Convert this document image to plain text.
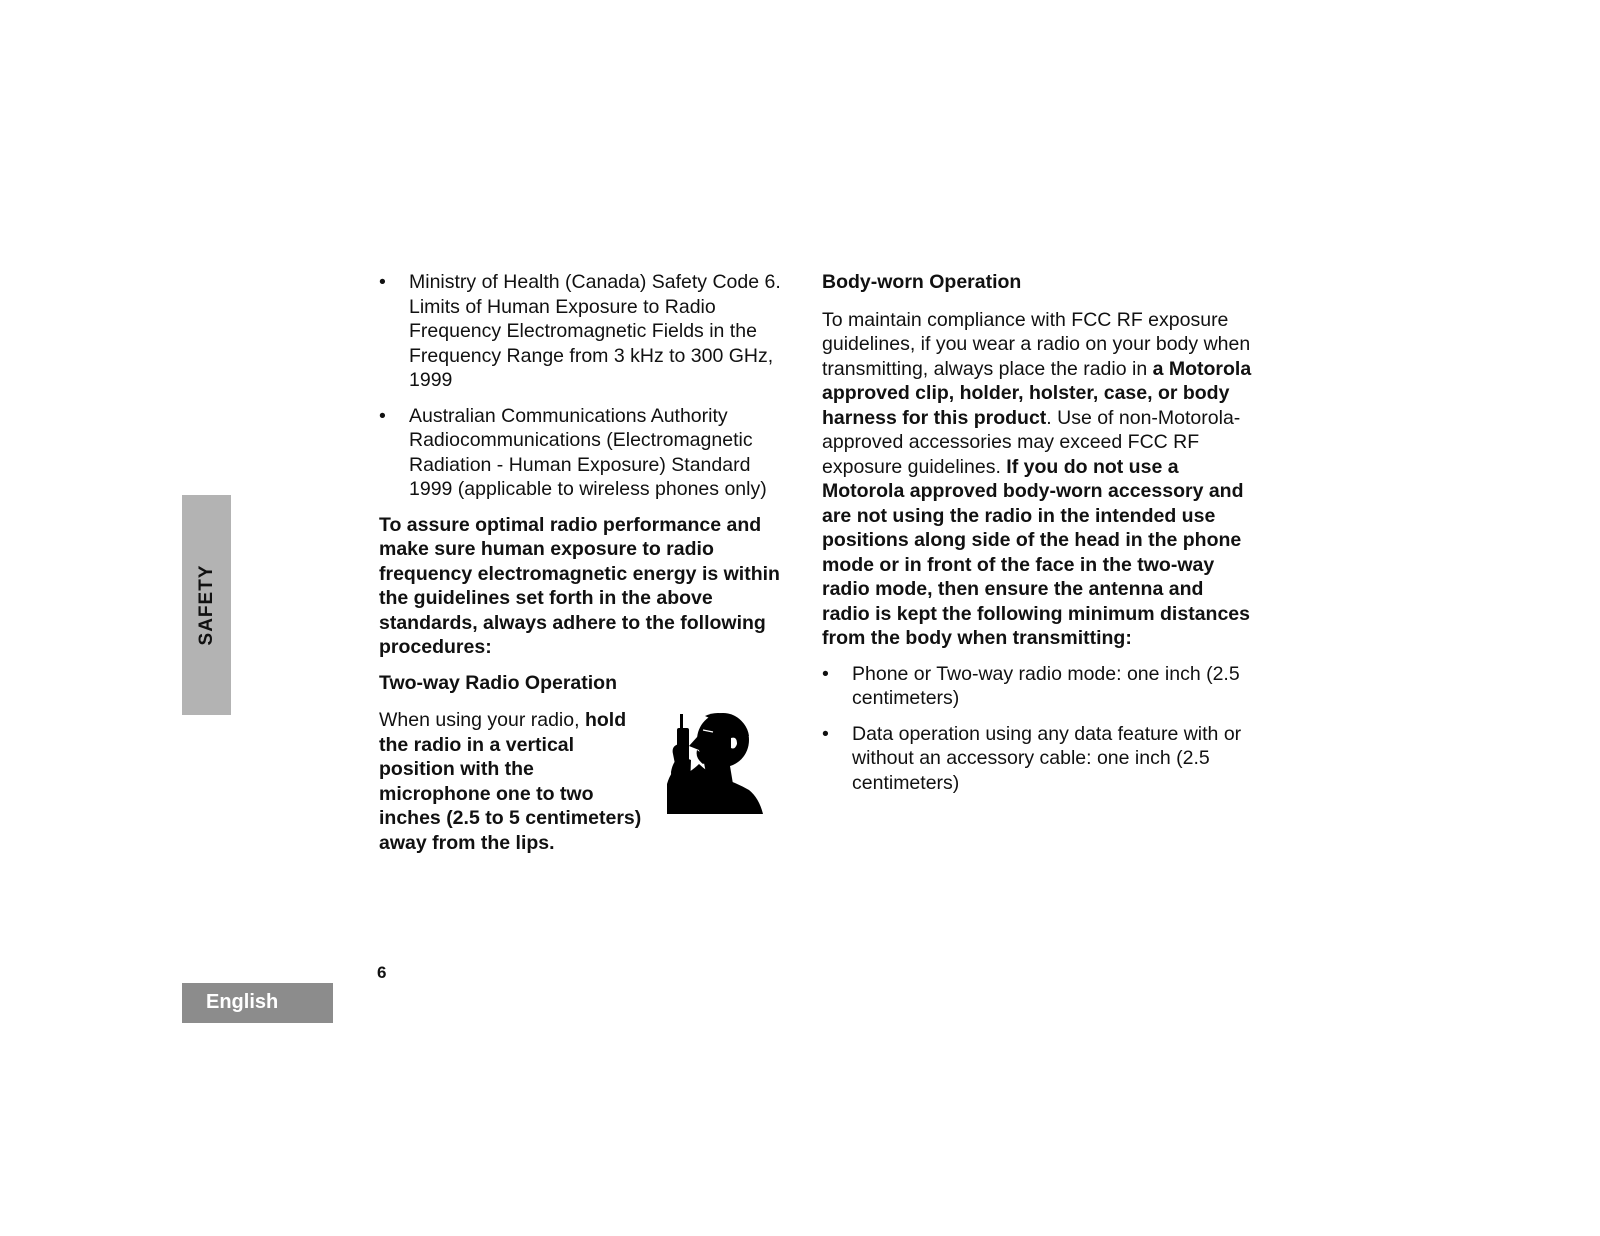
SAFETY
English
6
• Ministry of Health (Canada) Safety Code 6. Limits of Human Exposure to Radio Frequency Electromagnetic Fields in the Frequency Range from 3 kHz to 300 GHz, 1999
• Australian Communications Authority Radiocommunications (Electromagnetic Radiation - Human Exposure) Standard 1999 (applicable to wireless phones only)
To assure optimal radio performance and make sure human exposure to radio frequency electromagnetic energy is within the guidelines set forth in the above standards, always adhere to the following procedures:
Two-way Radio Operation
When using your radio, hold the radio in a vertical position with the microphone one to two inches (2.5 to 5 centimeters) away from the lips.
Body-worn Operation
To maintain compliance with FCC RF exposure guidelines, if you wear a radio on your body when transmitting, always place the radio in a Motorola approved clip, holder, holster, case, or body harness for this product. Use of non-Motorola-approved accessories may exceed FCC RF exposure guidelines. If you do not use a Motorola approved body-worn accessory and are not using the radio in the intended use positions along side of the head in the phone mode or in front of the face in the two-way radio mode, then ensure the antenna and radio is kept the following minimum distances from the body when transmitting:
• Phone or Two-way radio mode: one inch (2.5 centimeters)
• Data operation using any data feature with or without an accessory cable: one inch (2.5 centimeters)
